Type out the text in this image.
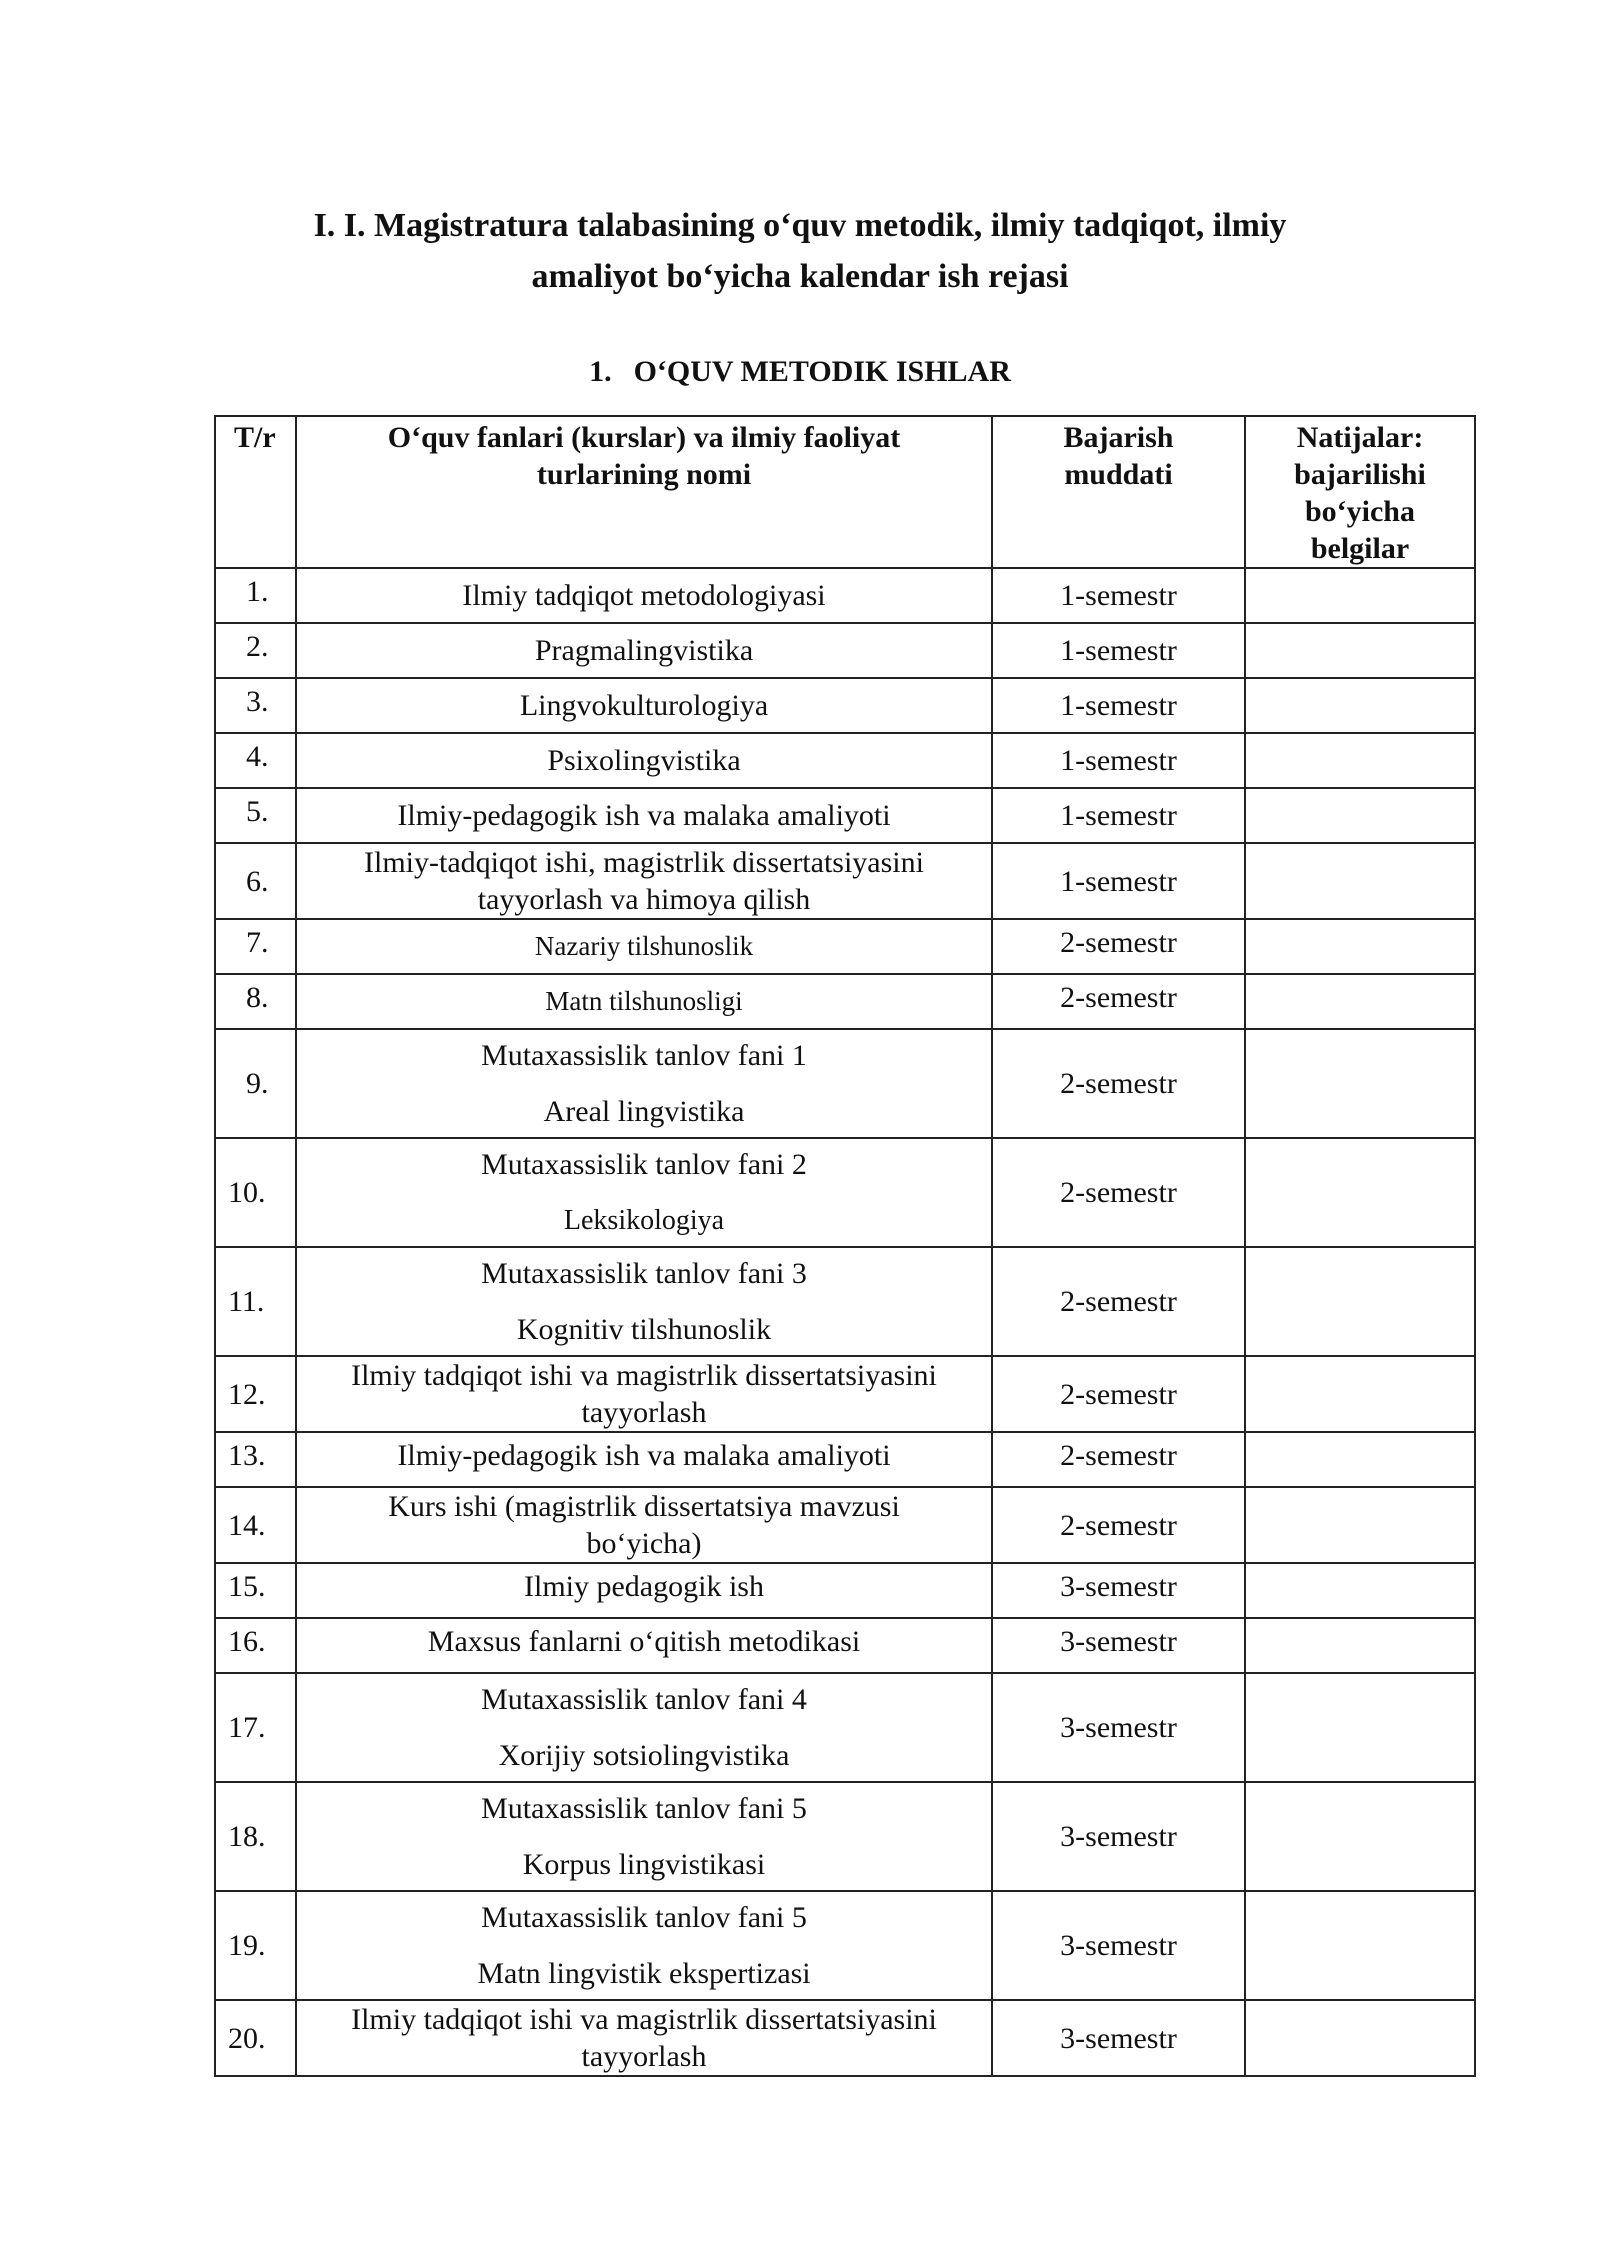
I. I. Magistratura talabasining o‘quv metodik, ilmiy tadqiqot, ilmiy
amaliyot bo‘yicha kalendar ish rejasi
1. O‘QUV METODIK ISHLAR
T/r	O‘quv fanlari (kurslar) va ilmiy faoliyat turlarining nomi	Bajarish muddati	Natijalar: bajarilishi bo‘yicha belgilar
1.	Ilmiy tadqiqot metodologiyasi	1-semestr	
2.	Pragmalingvistika	1-semestr	
3.	Lingvokulturologiya	1-semestr	
4.	Psixolingvistika	1-semestr	
5.	Ilmiy-pedagogik ish va malaka amaliyoti	1-semestr	
6.	Ilmiy-tadqiqot ishi, magistrlik dissertatsiyasini tayyorlash va himoya qilish	1-semestr	
7.	Nazariy tilshunoslik	2-semestr	
8.	Matn tilshunosligi	2-semestr	
9.	Mutaxassislik tanlov fani 1
Areal lingvistika	2-semestr	
10.	Mutaxassislik tanlov fani 2
Leksikologiya	2-semestr	
11.	Mutaxassislik tanlov fani 3
Kognitiv tilshunoslik	2-semestr	
12.	Ilmiy tadqiqot ishi va magistrlik dissertatsiyasini tayyorlash	2-semestr	
13.	Ilmiy-pedagogik ish va malaka amaliyoti	2-semestr	
14.	Kurs ishi (magistrlik dissertatsiya mavzusi bo‘yicha)	2-semestr	
15.	Ilmiy pedagogik ish	3-semestr	
16.	Maxsus fanlarni o‘qitish metodikasi	3-semestr	
17.	Mutaxassislik tanlov fani 4
Xorijiy sotsiolingvistika	3-semestr	
18.	Mutaxassislik tanlov fani 5
Korpus lingvistikasi	3-semestr	
19.	Mutaxassislik tanlov fani 5
Matn lingvistik ekspertizasi	3-semestr	
20.	Ilmiy tadqiqot ishi va magistrlik dissertatsiyasini tayyorlash	3-semestr	
